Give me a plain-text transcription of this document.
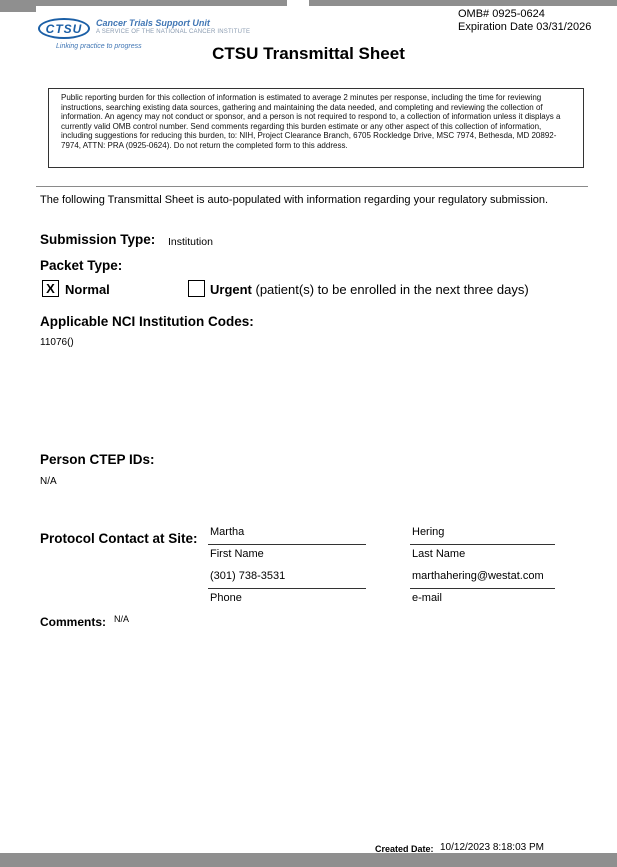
CTSU Cancer Trials Support Unit
A SERVICE OF THE NATIONAL CANCER INSTITUTE
Linking practice to progress
OMB# 0925-0624
Expiration Date 03/31/2026
CTSU Transmittal Sheet
Public reporting burden for this collection of information is estimated to average 2 minutes per response, including the time for reviewing instructions, searching existing data sources, gathering and maintaining the data needed, and completing and reviewing the collection of information. An agency may not conduct or sponsor, and a person is not required to respond to, a collection of information unless it displays a currently valid OMB control number. Send comments regarding this burden estimate or any other aspect of this collection of information, including suggestions for reducing this burden, to: NIH, Project Clearance Branch, 6705 Rockledge Drive, MSC 7974, Bethesda, MD 20892-7974, ATTN: PRA (0925-0624). Do not return the completed form to this address.
The following Transmittal Sheet is auto-populated with information regarding your regulatory submission.
Submission Type: Institution
Packet Type:
X Normal	Urgent (patient(s) to be enrolled in the next three days)
Applicable NCI Institution Codes:
11076()
Person CTEP IDs:
N/A
Protocol Contact at Site: Martha
First Name
Hering
Last Name
(301) 738-3531
Phone
marthahering@westat.com
e-mail
Comments: N/A
Created Date: 10/12/2023 8:18:03 PM
